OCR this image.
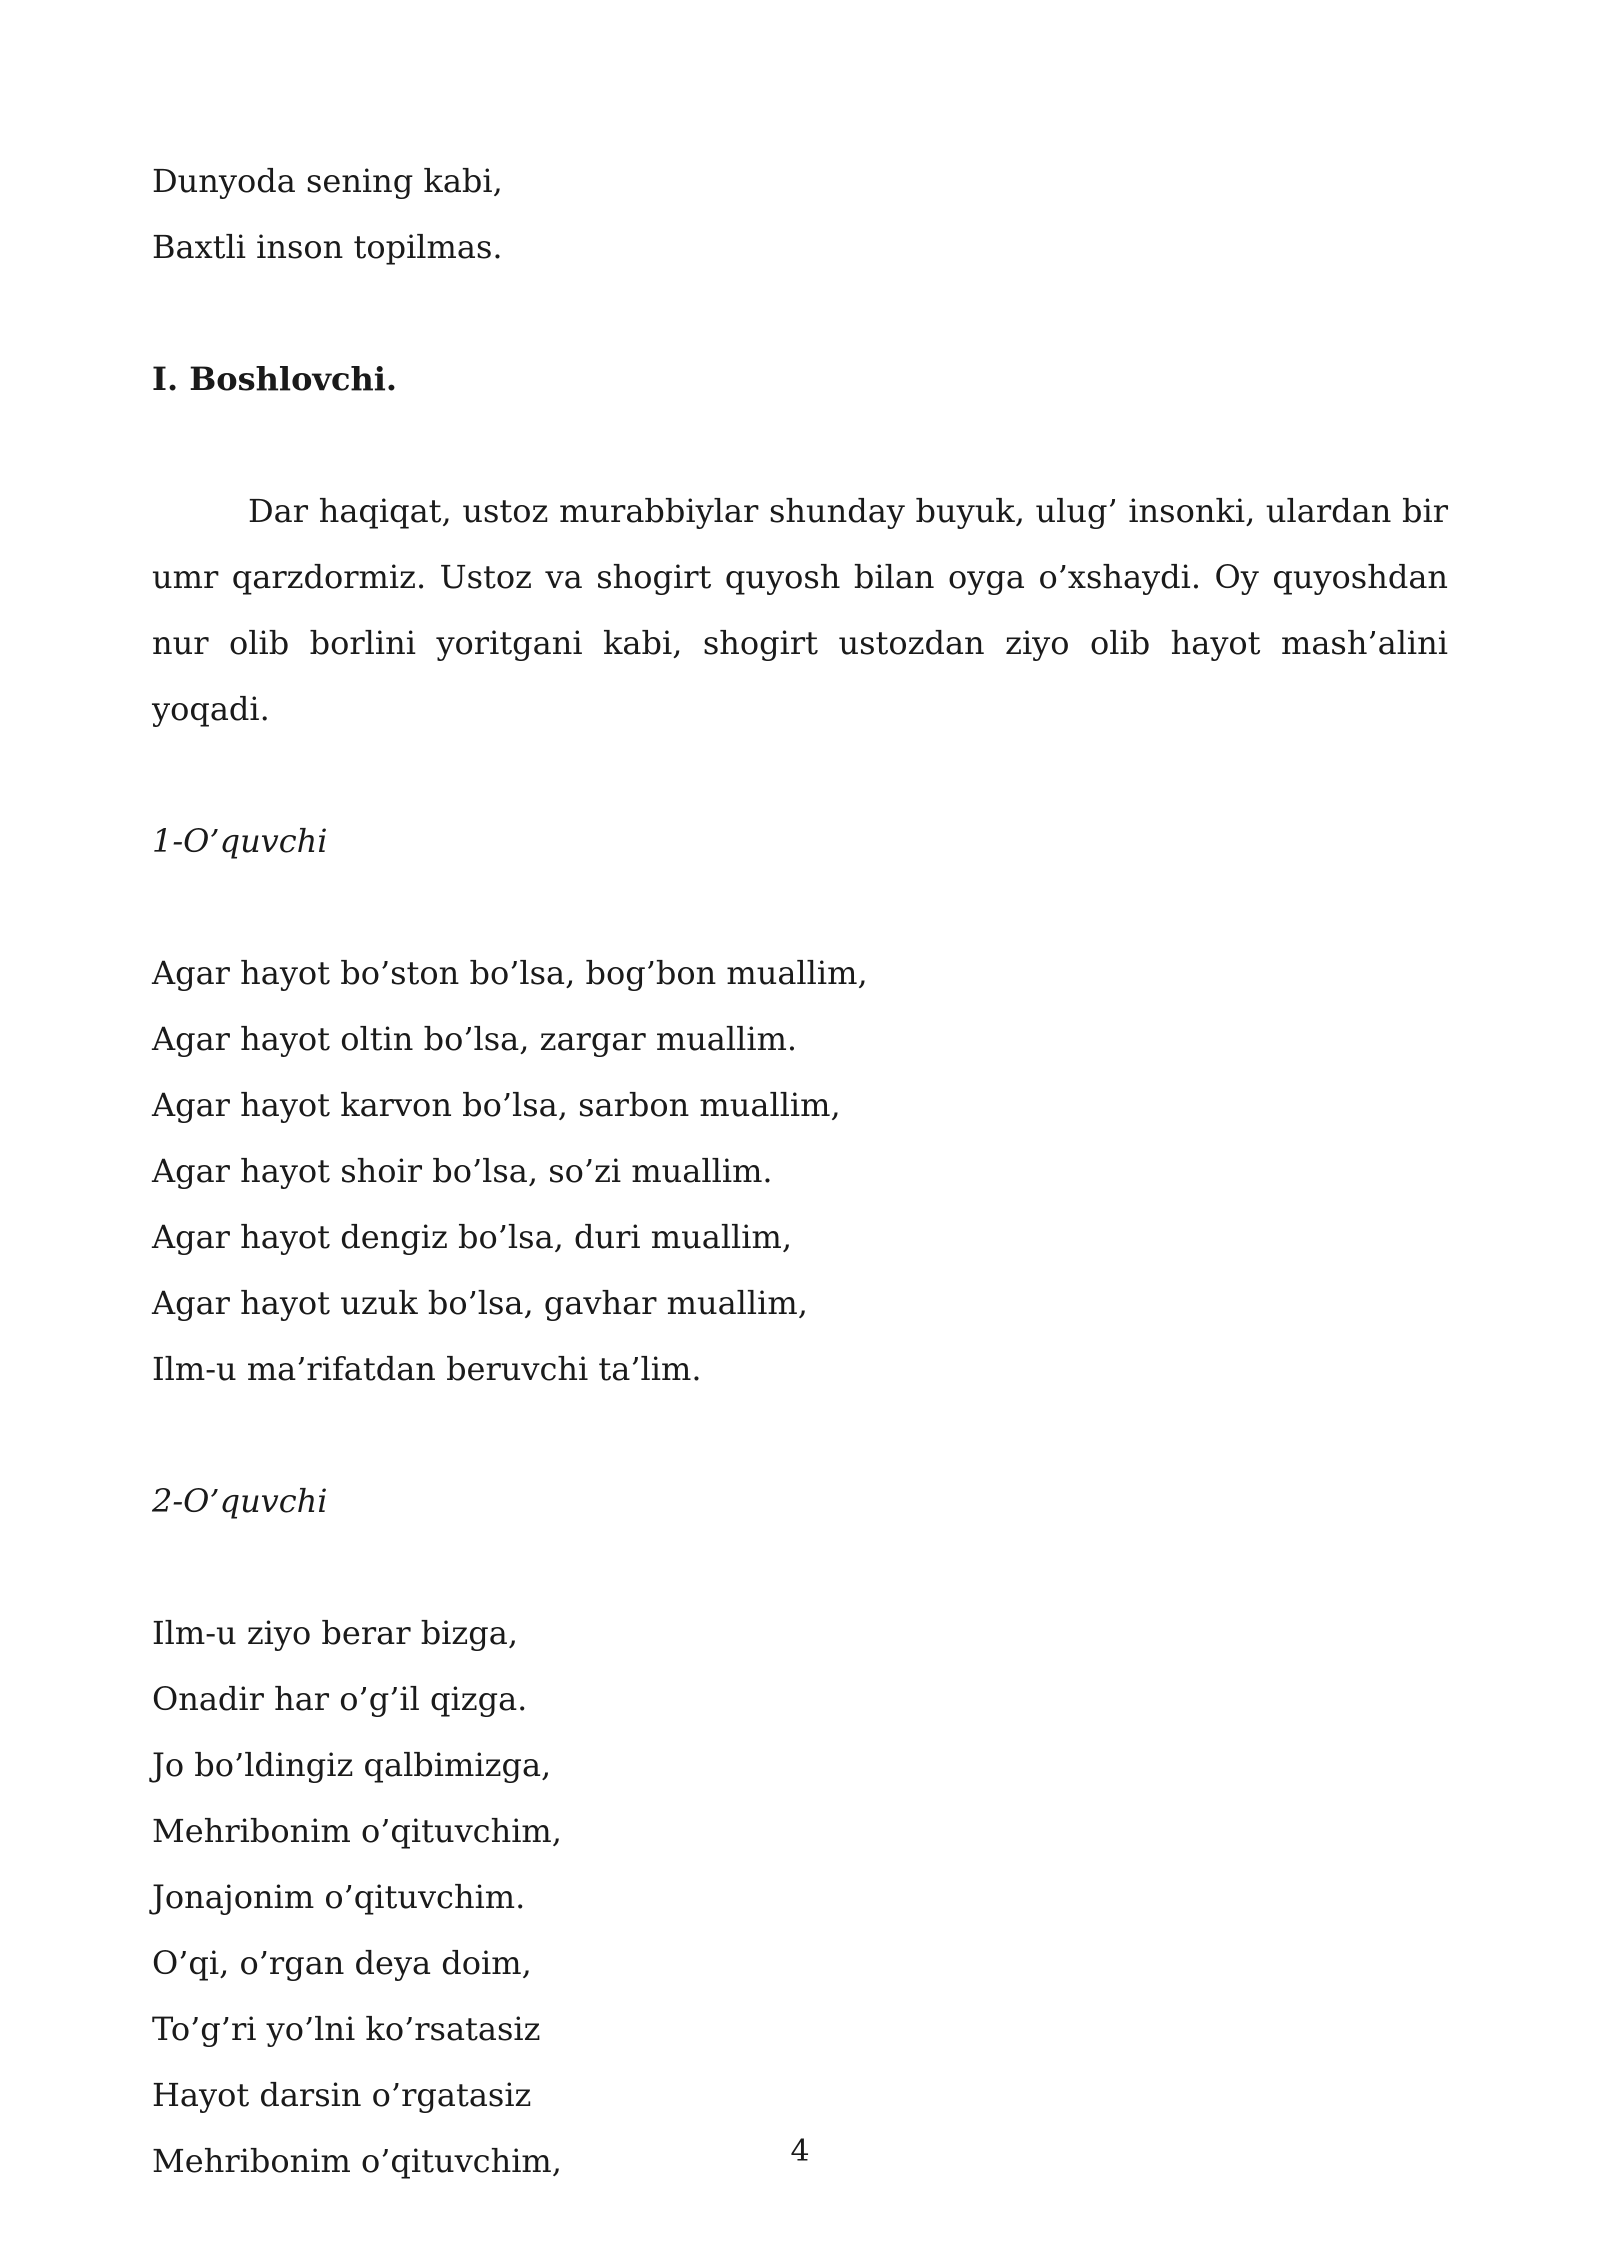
Dunyoda sening kabi,
Baxtli inson topilmas.
I. Boshlovchi.
Dar haqiqat, ustoz murabbiylar shunday buyuk, ulug’ insonki, ulardan bir umr qarzdormiz. Ustoz va shogirt quyosh bilan oyga o’xshaydi. Oy quyoshdan nur olib borlini yoritgani kabi, shogirt ustozdan ziyo olib hayot mash’alini yoqadi.
1-O’quvchi
Agar hayot bo’ston bo’lsa, bog’bon muallim,
Agar hayot oltin bo’lsa, zargar muallim.
Agar hayot karvon bo’lsa, sarbon muallim,
Agar hayot shoir bo’lsa, so’zi muallim.
Agar hayot dengiz bo’lsa, duri muallim,
Agar hayot uzuk bo’lsa, gavhar muallim,
Ilm-u ma’rifatdan beruvchi ta’lim.
2-O’quvchi
Ilm-u ziyo berar bizga,
Onadir har o’g’il qizga.
Jo bo’ldingiz qalbimizga,
Mehribonim o’qituvchim,
Jonajonim o’qituvchim.
O’qi, o’rgan deya doim,
To’g’ri yo’lni ko’rsatasiz
Hayot darsin o’rgatasiz
Mehribonim o’qituvchim,	4
